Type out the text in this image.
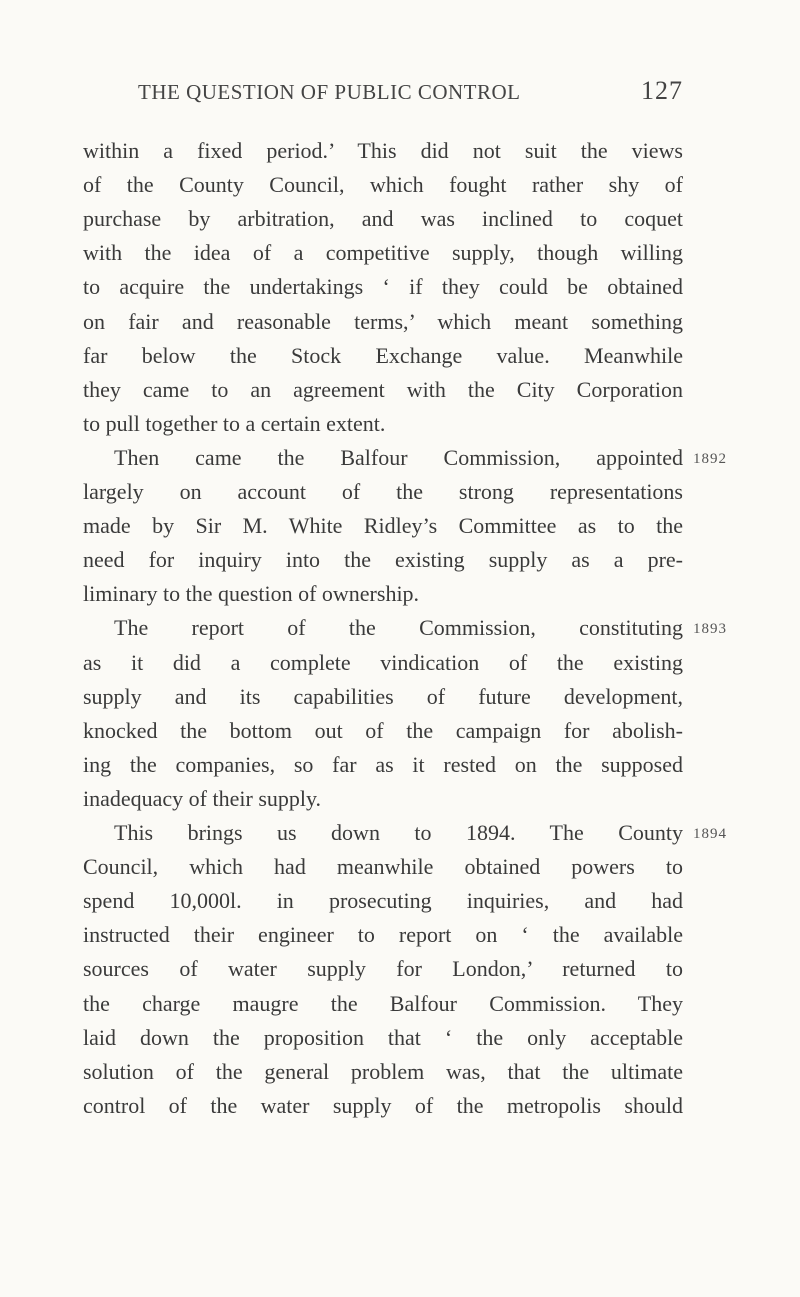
THE QUESTION OF PUBLIC CONTROL	127
within a fixed period.’ This did not suit the views
of the County Council, which fought rather shy of
purchase by arbitration, and was inclined to coquet
with the idea of a competitive supply, though willing
to acquire the undertakings ‘ if they could be obtained
on fair and reasonable terms,’ which meant something
far below the Stock Exchange value. Meanwhile
they came to an agreement with the City Corporation
to pull together to a certain extent.
Then came the Balfour Commission, appointed 1892
largely on account of the strong representations
made by Sir M. White Ridley’s Committee as to the
need for inquiry into the existing supply as a pre-
liminary to the question of ownership.
The report of the Commission, constituting 1893
as it did a complete vindication of the existing
supply and its capabilities of future development,
knocked the bottom out of the campaign for abolish-
ing the companies, so far as it rested on the supposed
inadequacy of their supply.
This brings us down to 1894. The County 1894
Council, which had meanwhile obtained powers to
spend 10,000l. in prosecuting inquiries, and had
instructed their engineer to report on ‘ the available
sources of water supply for London,’ returned to
the charge maugre the Balfour Commission. They
laid down the proposition that ‘ the only acceptable
solution of the general problem was, that the ultimate
control of the water supply of the metropolis should
